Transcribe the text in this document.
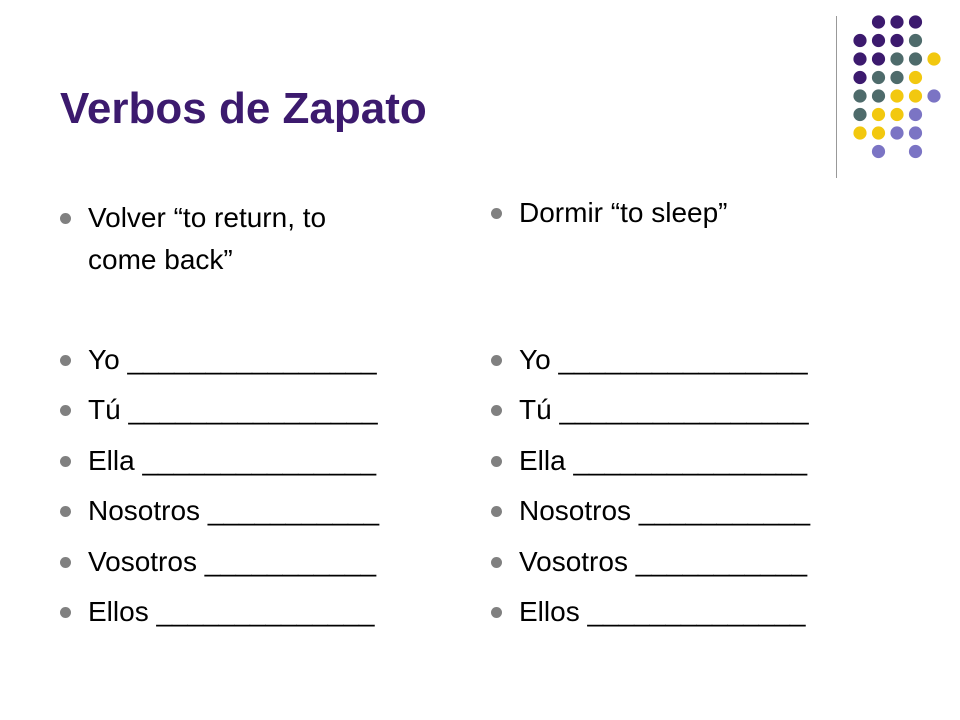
Verbos de Zapato
Volver “to return, to
come back”
Yo ________________
Tú ________________
Ella _______________
Nosotros ___________
Vosotros ___________
Ellos ______________
Dormir “to sleep”
Yo ________________
Tú ________________
Ella _______________
Nosotros ___________
Vosotros ___________
Ellos ______________
